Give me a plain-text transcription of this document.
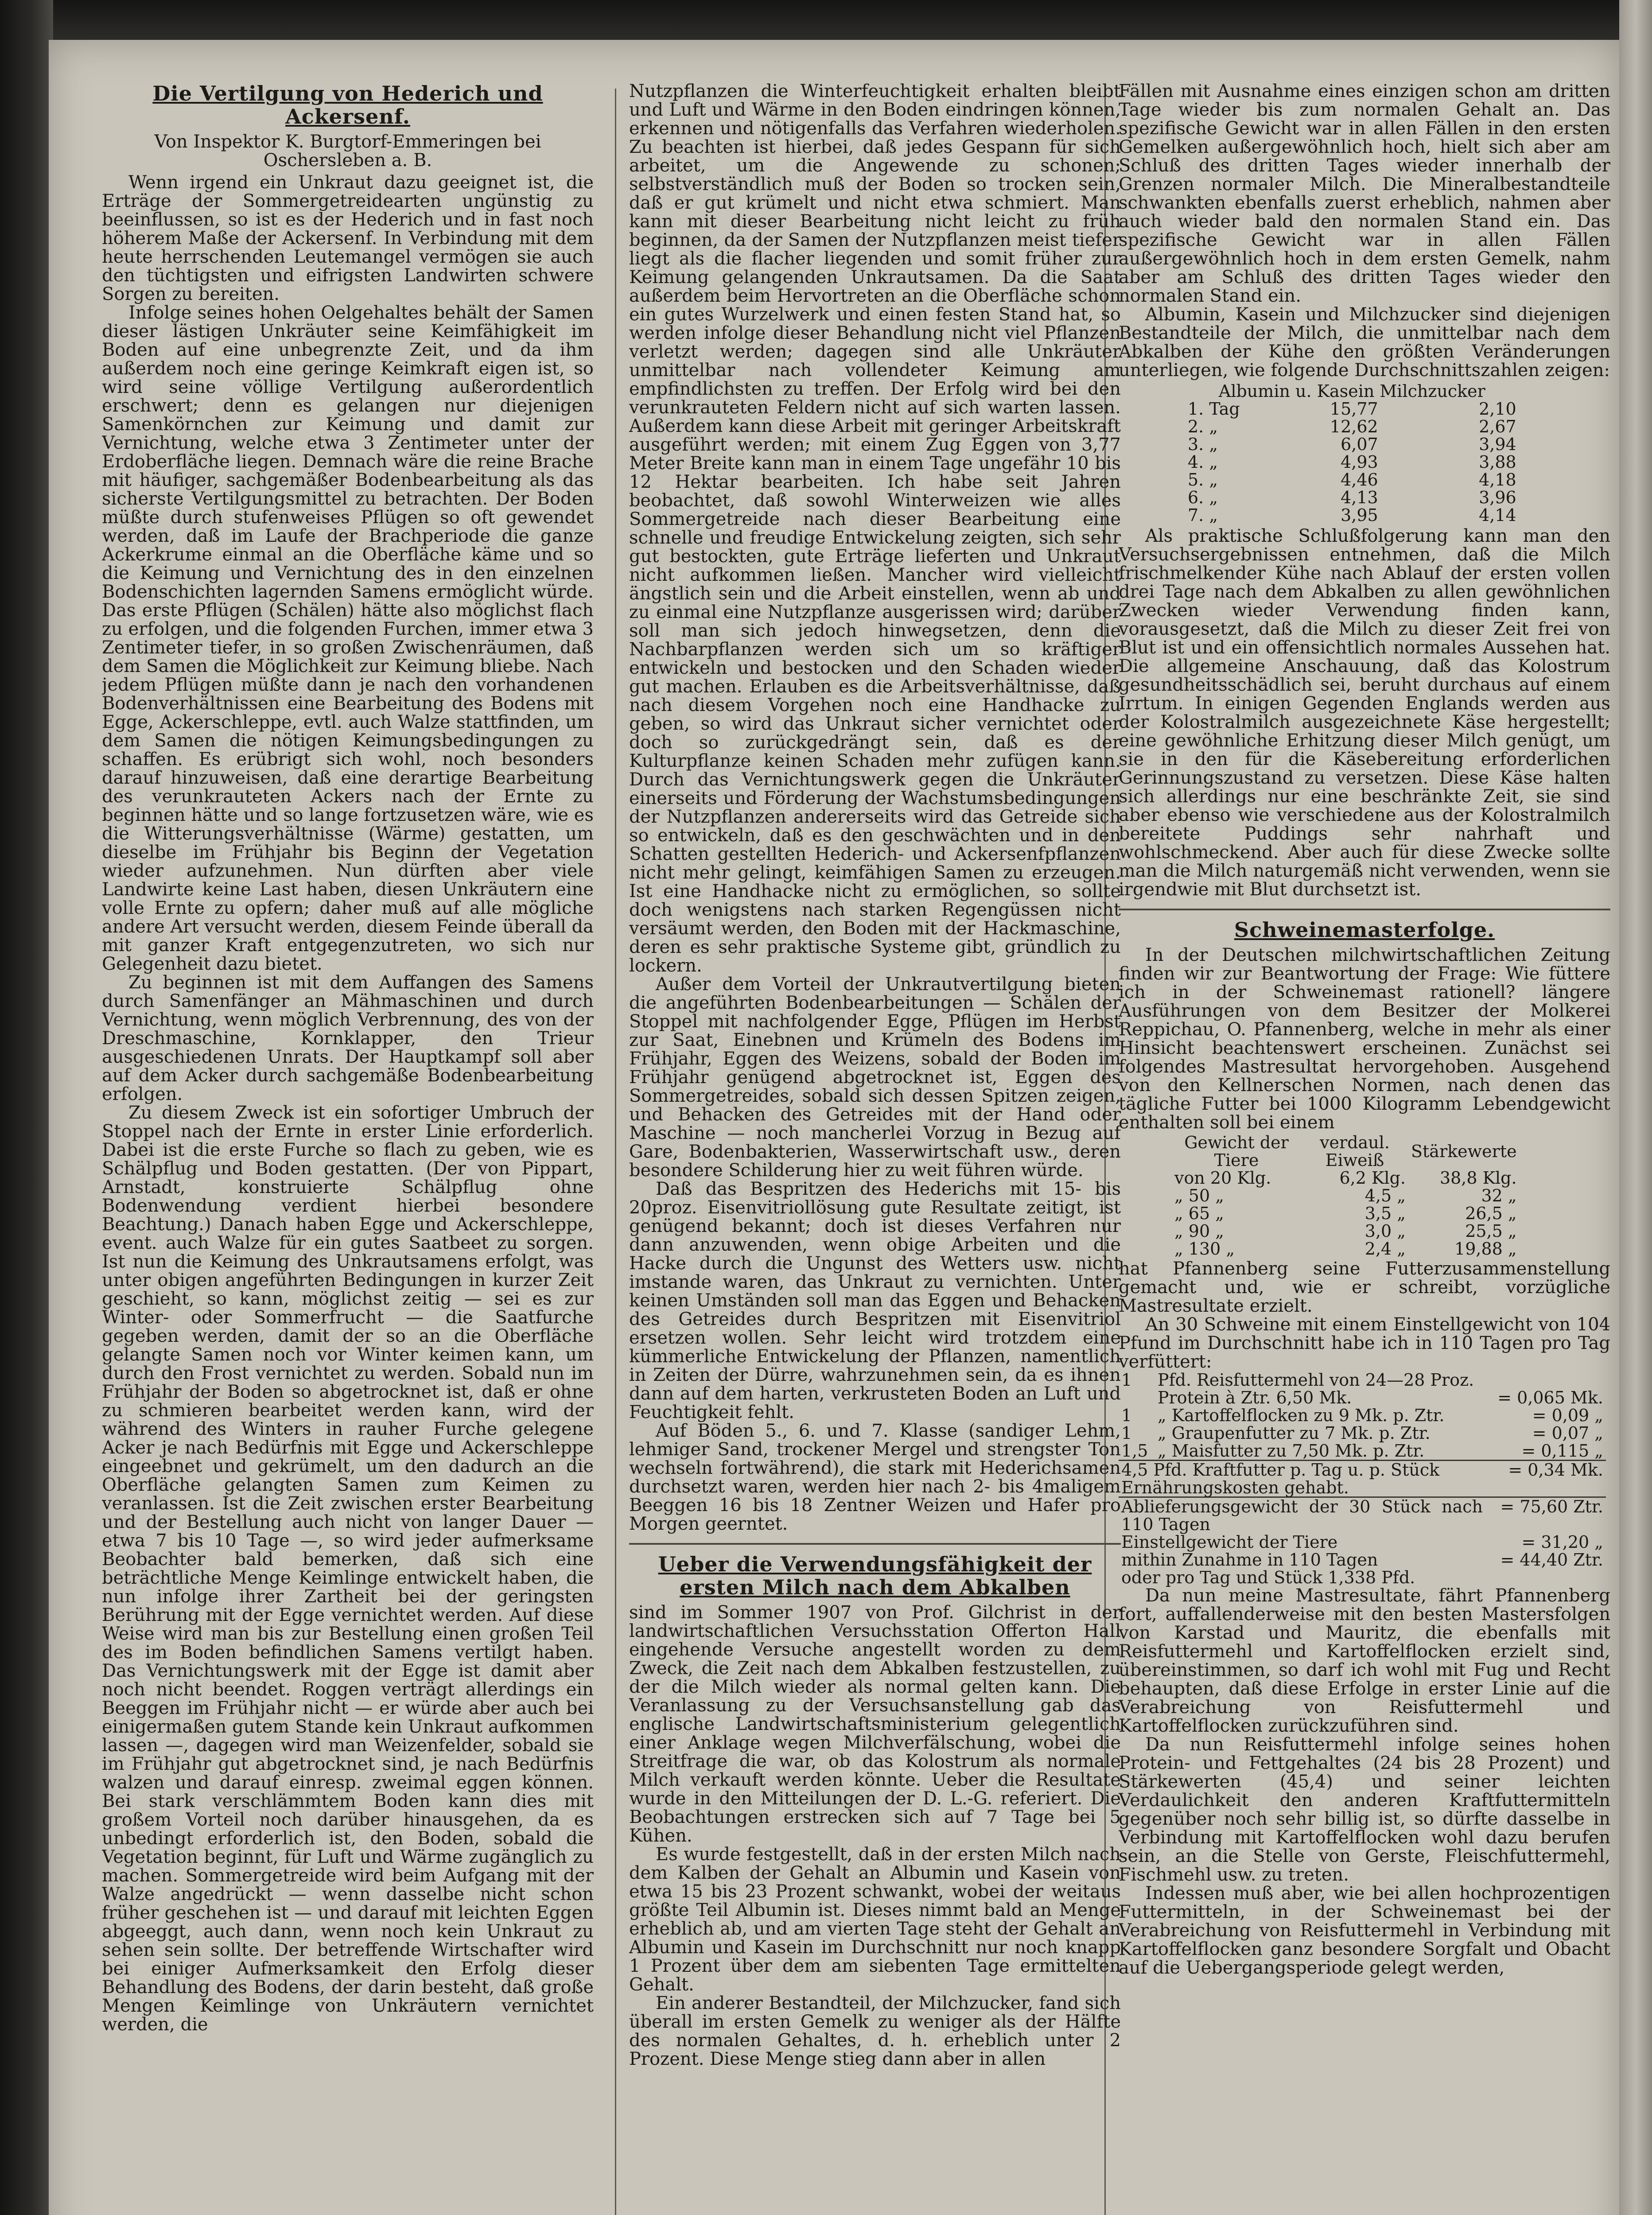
Die Vertilgung von Hederich und Ackersenf.
Von Inspektor K. Burgtorf-Emmeringen bei Oschersleben a. B.

Wenn irgend ein Unkraut dazu geeignet ist, die Erträge der Sommergetreidearten ungünstig zu beeinflussen, so ist es der Hederich und in fast noch höherem Maße der Ackersenf. In Verbindung mit dem heute herrschenden Leutemangel vermögen sie auch den tüchtigsten und eifrigsten Landwirten schwere Sorgen zu bereiten.

Infolge seines hohen Oelgehaltes behält der Samen dieser lästigen Unkräuter seine Keimfähigkeit im Boden auf eine unbegrenzte Zeit, und da ihm außerdem noch eine geringe Keimkraft eigen ist, so wird seine völlige Vertilgung außerordentlich erschwert; denn es gelangen nur diejenigen Samenkörnchen zur Keimung und damit zur Vernichtung, welche etwa 3 Zentimeter unter der Erdoberfläche liegen. Demnach wäre die reine Brache mit häufiger, sachgemäßer Bodenbearbeitung als das sicherste Vertilgungsmittel zu betrachten. Der Boden müßte durch stufenweises Pflügen so oft gewendet werden, daß im Laufe der Brachperiode die ganze Ackerkrume einmal an die Oberfläche käme und so die Keimung und Vernichtung des in den einzelnen Bodenschichten lagernden Samens ermöglicht würde. Das erste Pflügen (Schälen) hätte also möglichst flach zu erfolgen, und die folgenden Furchen, immer etwa 3 Zentimeter tiefer, in so großen Zwischenräumen, daß dem Samen die Möglichkeit zur Keimung bliebe. Nach jedem Pflügen müßte dann je nach den vorhandenen Bodenverhältnissen eine Bearbeitung des Bodens mit Egge, Ackerschleppe, evtl. auch Walze stattfinden, um dem Samen die nötigen Keimungsbedingungen zu schaffen. Es erübrigt sich wohl, noch besonders darauf hinzuweisen, daß eine derartige Bearbeitung des verunkrauteten Ackers nach der Ernte zu beginnen hätte und so lange fortzusetzen wäre, wie es die Witterungsverhältnisse (Wärme) gestatten, um dieselbe im Frühjahr bis Beginn der Vegetation wieder aufzunehmen. Nun dürften aber viele Landwirte keine Last haben, diesen Unkräutern eine volle Ernte zu opfern; daher muß auf alle mögliche andere Art versucht werden, diesem Feinde überall da mit ganzer Kraft entgegenzutreten, wo sich nur Gelegenheit dazu bietet.

Zu beginnen ist mit dem Auffangen des Samens durch Samenfänger an Mähmaschinen und durch Vernichtung, wenn möglich Verbrennung, des von der Dreschmaschine, Kornklapper, den Trieur ausgeschiedenen Unrats. Der Hauptkampf soll aber auf dem Acker durch sachgemäße Bodenbearbeitung erfolgen.

Zu diesem Zweck ist ein sofortiger Umbruch der Stoppel nach der Ernte in erster Linie erforderlich. Dabei ist die erste Furche so flach zu geben, wie es Schälpflug und Boden gestatten. (Der von Pippart, Arnstadt, konstruierte Schälpflug ohne Bodenwendung verdient hierbei besondere Beachtung.) Danach haben Egge und Ackerschleppe, event. auch Walze für ein gutes Saatbeet zu sorgen. Ist nun die Keimung des Unkrautsamens erfolgt, was unter obigen angeführten Bedingungen in kurzer Zeit geschieht, so kann, möglichst zeitig — sei es zur Winter- oder Sommerfrucht — die Saatfurche gegeben werden, damit der so an die Oberfläche gelangte Samen noch vor Winter keimen kann, um durch den Frost vernichtet zu werden. Sobald nun im Frühjahr der Boden so abgetrocknet ist, daß er ohne zu schmieren bearbeitet werden kann, wird der während des Winters in rauher Furche gelegene Acker je nach Bedürfnis mit Egge und Ackerschleppe eingeebnet und gekrümelt, um den dadurch an die Oberfläche gelangten Samen zum Keimen zu veranlassen. Ist die Zeit zwischen erster Bearbeitung und der Bestellung auch nicht von langer Dauer — etwa 7 bis 10 Tage —, so wird jeder aufmerksame Beobachter bald bemerken, daß sich eine beträchtliche Menge Keimlinge entwickelt haben, die nun infolge ihrer Zartheit bei der geringsten Berührung mit der Egge vernichtet werden. Auf diese Weise wird man bis zur Bestellung einen großen Teil des im Boden befindlichen Samens vertilgt haben. Das Vernichtungswerk mit der Egge ist damit aber noch nicht beendet. Roggen verträgt allerdings ein Beeggen im Frühjahr nicht — er würde aber auch bei einigermaßen gutem Stande kein Unkraut aufkommen lassen —, dagegen wird man Weizenfelder, sobald sie im Frühjahr gut abgetrocknet sind, je nach Bedürfnis walzen und darauf einresp. zweimal eggen können. Bei stark verschlämmtem Boden kann dies mit großem Vorteil noch darüber hinausgehen, da es unbedingt erforderlich ist, den Boden, sobald die Vegetation beginnt, für Luft und Wärme zugänglich zu machen. Sommergetreide wird beim Aufgang mit der Walze angedrückt — wenn dasselbe nicht schon früher geschehen ist — und darauf mit leichten Eggen abgeeggt, auch dann, wenn noch kein Unkraut zu sehen sein sollte. Der betreffende Wirtschafter wird bei einiger Aufmerksamkeit den Erfolg dieser Behandlung des Bodens, der darin besteht, daß große Mengen Keimlinge von Unkräutern vernichtet werden, die

Nutzpflanzen die Winterfeuchtigkeit erhalten bleibt und Luft und Wärme in den Boden eindringen können, erkennen und nötigenfalls das Verfahren wiederholen. Zu beachten ist hierbei, daß jedes Gespann für sich arbeitet, um die Angewende zu schonen; selbstverständlich muß der Boden so trocken sein, daß er gut krümelt und nicht etwa schmiert. Man kann mit dieser Bearbeitung nicht leicht zu früh beginnen, da der Samen der Nutzpflanzen meist tiefer liegt als die flacher liegenden und somit früher zur Keimung gelangenden Unkrautsamen. Da die Saat außerdem beim Hervortreten an die Oberfläche schon ein gutes Wurzelwerk und einen festen Stand hat, so werden infolge dieser Behandlung nicht viel Pflanzen verletzt werden; dagegen sind alle Unkräuter unmittelbar nach vollendeter Keimung am empfindlichsten zu treffen. Der Erfolg wird bei den verunkrauteten Feldern nicht auf sich warten lassen. Außerdem kann diese Arbeit mit geringer Arbeitskraft ausgeführt werden; mit einem Zug Eggen von 3,77 Meter Breite kann man in einem Tage ungefähr 10 bis 12 Hektar bearbeiten. Ich habe seit Jahren beobachtet, daß sowohl Winterweizen wie alles Sommergetreide nach dieser Bearbeitung eine schnelle und freudige Entwickelung zeigten, sich sehr gut bestockten, gute Erträge lieferten und Unkraut nicht aufkommen ließen. Mancher wird vielleicht ängstlich sein und die Arbeit einstellen, wenn ab und zu einmal eine Nutzpflanze ausgerissen wird; darüber soll man sich jedoch hinwegsetzen, denn die Nachbarpflanzen werden sich um so kräftiger entwickeln und bestocken und den Schaden wieder gut machen. Erlauben es die Arbeitsverhältnisse, daß nach diesem Vorgehen noch eine Handhacke zu geben, so wird das Unkraut sicher vernichtet oder doch so zurückgedrängt sein, daß es der Kulturpflanze keinen Schaden mehr zufügen kann. Durch das Vernichtungswerk gegen die Unkräuter einerseits und Förderung der Wachstumsbedingungen der Nutzpflanzen andererseits wird das Getreide sich so entwickeln, daß es den geschwächten und in den Schatten gestellten Hederich- und Ackersenfpflanzen nicht mehr gelingt, keimfähigen Samen zu erzeugen. Ist eine Handhacke nicht zu ermöglichen, so sollte doch wenigstens nach starken Regengüssen nicht versäumt werden, den Boden mit der Hackmaschine, deren es sehr praktische Systeme gibt, gründlich zu lockern.

Außer dem Vorteil der Unkrautvertilgung bieten die angeführten Bodenbearbeitungen — Schälen der Stoppel mit nachfolgender Egge, Pflügen im Herbst zur Saat, Einebnen und Krümeln des Bodens im Frühjahr, Eggen des Weizens, sobald der Boden im Frühjahr genügend abgetrocknet ist, Eggen des Sommergetreides, sobald sich dessen Spitzen zeigen, und Behacken des Getreides mit der Hand oder Maschine — noch mancherlei Vorzug in Bezug auf Gare, Bodenbakterien, Wasserwirtschaft usw., deren besondere Schilderung hier zu weit führen würde.

Daß das Bespritzen des Hederichs mit 15- bis 20proz. Eisenvitriollösung gute Resultate zeitigt, ist genügend bekannt; doch ist dieses Verfahren nur dann anzuwenden, wenn obige Arbeiten und die Hacke durch die Ungunst des Wetters usw. nicht imstande waren, das Unkraut zu vernichten. Unter keinen Umständen soll man das Eggen und Behacken des Getreides durch Bespritzen mit Eisenvitriol ersetzen wollen. Sehr leicht wird trotzdem eine kümmerliche Entwickelung der Pflanzen, namentlich in Zeiten der Dürre, wahrzunehmen sein, da es ihnen dann auf dem harten, verkrusteten Boden an Luft und Feuchtigkeit fehlt.

Auf Böden 5., 6. und 7. Klasse (sandiger Lehm, lehmiger Sand, trockener Mergel und strengster Ton wechseln fortwährend), die stark mit Hederichsamen durchsetzt waren, werden hier nach 2- bis 4maligem Beeggen 16 bis 18 Zentner Weizen und Hafer pro Morgen geerntet.

Ueber die Verwendungsfähigkeit der ersten Milch nach dem Abkalben

sind im Sommer 1907 von Prof. Gilchrist in der landwirtschaftlichen Versuchsstation Offerton Hall eingehende Versuche angestellt worden zu dem Zweck, die Zeit nach dem Abkalben festzustellen, zu der die Milch wieder als normal gelten kann. Die Veranlassung zu der Versuchsanstellung gab das englische Landwirtschaftsministerium gelegentlich einer Anklage wegen Milchverfälschung, wobei die Streitfrage die war, ob das Kolostrum als normale Milch verkauft werden könnte. Ueber die Resultate wurde in den Mitteilungen der D. L.-G. referiert. Die Beobachtungen erstrecken sich auf 7 Tage bei 5 Kühen.

Es wurde festgestellt, daß in der ersten Milch nach dem Kalben der Gehalt an Albumin und Kasein von etwa 15 bis 23 Prozent schwankt, wobei der weitaus größte Teil Albumin ist. Dieses nimmt bald an Menge erheblich ab, und am vierten Tage steht der Gehalt an Albumin und Kasein im Durchschnitt nur noch knapp 1 Prozent über dem am siebenten Tage ermittelten Gehalt.

Ein anderer Bestandteil, der Milchzucker, fand sich überall im ersten Gemelk zu weniger als der Hälfte des normalen Gehaltes, d. h. erheblich unter 2 Prozent. Diese Menge stieg dann aber in allen

Fällen mit Ausnahme eines einzigen schon am dritten Tage wieder bis zum normalen Gehalt an. Das spezifische Gewicht war in allen Fällen in den ersten Gemelken außergewöhnlich hoch, hielt sich aber am Schluß des dritten Tages wieder innerhalb der Grenzen normaler Milch. Die Mineralbestandteile schwankten ebenfalls zuerst erheblich, nahmen aber auch wieder bald den normalen Stand ein. Das spezifische Gewicht war in allen Fällen außergewöhnlich hoch in dem ersten Gemelk, nahm aber am Schluß des dritten Tages wieder den normalen Stand ein.

Albumin, Kasein und Milchzucker sind diejenigen Bestandteile der Milch, die unmittelbar nach dem Abkalben der Kühe den größten Veränderungen unterliegen, wie folgende Durchschnittszahlen zeigen:

Albumin u. Kasein Milchzucker		
1. Tag	15,77	2,10
2. „	12,62	2,67
3. „	6,07	3,94
4. „	4,93	3,88
5. „	4,46	4,18
6. „	4,13	3,96
7. „	3,95	4,14

Als praktische Schlußfolgerung kann man den Versuchsergebnissen entnehmen, daß die Milch frischmelkender Kühe nach Ablauf der ersten vollen drei Tage nach dem Abkalben zu allen gewöhnlichen Zwecken wieder Verwendung finden kann, vorausgesetzt, daß die Milch zu dieser Zeit frei von Blut ist und ein offensichtlich normales Aussehen hat. Die allgemeine Anschauung, daß das Kolostrum gesundheitsschädlich sei, beruht durchaus auf einem Irrtum. In einigen Gegenden Englands werden aus der Kolostralmilch ausgezeichnete Käse hergestellt; eine gewöhnliche Erhitzung dieser Milch genügt, um sie in den für die Käsebereitung erforderlichen Gerinnungszustand zu versetzen. Diese Käse halten sich allerdings nur eine beschränkte Zeit, sie sind aber ebenso wie verschiedene aus der Kolostralmilch bereitete Puddings sehr nahrhaft und wohlschmeckend. Aber auch für diese Zwecke sollte man die Milch naturgemäß nicht verwenden, wenn sie irgendwie mit Blut durchsetzt ist.

Schweinemasterfolge.

In der Deutschen milchwirtschaftlichen Zeitung finden wir zur Beantwortung der Frage: Wie füttere ich in der Schweinemast rationell? längere Ausführungen von dem Besitzer der Molkerei Reppichau, O. Pfannenberg, welche in mehr als einer Hinsicht beachtenswert erscheinen. Zunächst sei folgendes Mastresultat hervorgehoben. Ausgehend von den Kellnerschen Normen, nach denen das tägliche Futter bei 1000 Kilogramm Lebendgewicht enthalten soll bei einem

Gewicht der Tiere	verdaul. Eiweiß	Stärkewerte
von 20 Klg.	6,2 Klg.	38,8 Klg.
„ 50 „	4,5 „	32 „
„ 65 „	3,5 „	26,5 „
„ 90 „	3,0 „	25,5 „
„ 130 „	2,4 „	19,88 „

hat Pfannenberg seine Futterzusammenstellung gemacht und, wie er schreibt, vorzügliche Mastresultate erzielt.

An 30 Schweine mit einem Einstellgewicht von 104 Pfund im Durchschnitt habe ich in 110 Tagen pro Tag verfüttert:

1	Pfd. Reisfuttermehl von 24—28 Proz.	
	Protein à Ztr. 6,50 Mk.	= 0,065 Mk.
1	„ Kartoffelflocken zu 9 Mk. p. Ztr.	= 0,09 „
1	„ Graupenfutter zu 7 Mk. p. Ztr.	= 0,07 „
1,5	„ Maisfutter zu 7,50 Mk. p. Ztr.	= 0,115 „
4,5 Pfd. Kraftfutter p. Tag u. p. Stück		= 0,34 Mk.
Ernährungskosten gehabt.		
Ablieferungsgewicht der 30 Stück nach 110 Tagen		= 75,60 Ztr.
Einstellgewicht der Tiere		= 31,20 „
mithin Zunahme in 110 Tagen		= 44,40 Ztr.
oder pro Tag und Stück 1,338 Pfd.		

Da nun meine Mastresultate, fährt Pfannenberg fort, auffallenderweise mit den besten Mastersfolgen von Karstad und Mauritz, die ebenfalls mit Reisfuttermehl und Kartoffelflocken erzielt sind, übereinstimmen, so darf ich wohl mit Fug und Recht behaupten, daß diese Erfolge in erster Linie auf die Verabreichung von Reisfuttermehl und Kartoffelflocken zurückzuführen sind.

Da nun Reisfuttermehl infolge seines hohen Protein- und Fettgehaltes (24 bis 28 Prozent) und Stärkewerten (45,4) und seiner leichten Verdaulichkeit den anderen Kraftfuttermitteln gegenüber noch sehr billig ist, so dürfte dasselbe in Verbindung mit Kartoffelflocken wohl dazu berufen sein, an die Stelle von Gerste, Fleischfuttermehl, Fischmehl usw. zu treten.

Indessen muß aber, wie bei allen hochprozentigen Futtermitteln, in der Schweinemast bei der Verabreichung von Reisfuttermehl in Verbindung mit Kartoffelflocken ganz besondere Sorgfalt und Obacht auf die Uebergangsperiode gelegt werden,
